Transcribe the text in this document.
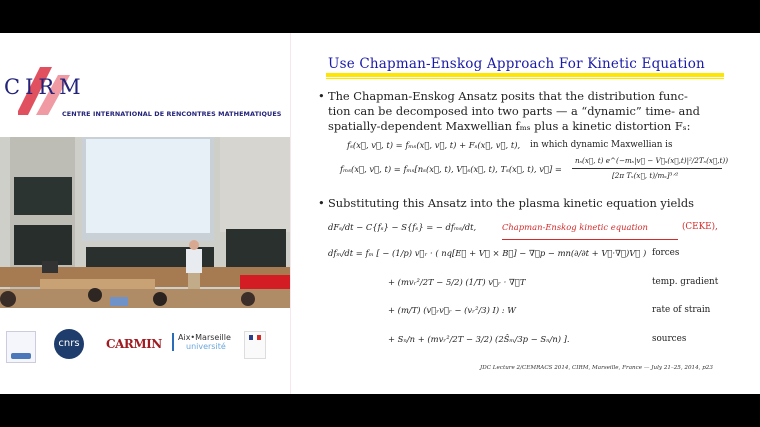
CIRM
CENTRE INTERNATIONAL DE RENCONTRES MATHEMATIQUES
cnrs	CARMIN Aix•Marseille
université
Use Chapman-Enskog Approach For Kinetic Equation
• The Chapman-Enskog Ansatz posits that the distribution func-
tion can be decomposed into two parts — a “dynamic” time- and
spatially-dependent Maxwellian fₘₛ plus a kinetic distortion Fₛ:
fₛ(x⃗, v⃗, t) = fₘₛ(x⃗, v⃗, t) + Fₛ(x⃗, v⃗, t), in which dynamic Maxwellian is
fₘₛ(x⃗, v⃗, t) = fₘₛ[nₛ(x⃗, t), V⃗ₛ(x⃗, t), Tₛ(x⃗, t), v⃗] =
nₛ(x⃗, t) e^(−mₛ|v⃗ − V⃗ₛ(x⃗,t)|²/2Tₛ(x⃗,t))
[2π Tₛ(x⃗, t)/mₛ]³ᐟ²
• Substituting this Ansatz into the plasma kinetic equation yields
dFₛ/dt − C{fₛ} − S{fₛ} = − dfₘₛ/dt,	Chapman-Enskog kinetic equation	(CEKE),
dfₘ/dt = fₘ [ − (1/p) v⃗ᵣ · ( nq[E⃗ + V⃗ × B⃗] − ∇⃗p − mn(∂/∂t + V⃗·∇⃗)V⃗ ) forces
+ (mvᵣ²/2T − 5/2) (1/T) v⃗ᵣ · ∇⃗T	temp. gradient
+ (m/T) (v⃗ᵣv⃗ᵣ − (vᵣ²/3) I) : W	rate of strain
+ Sₙ/n + (mvᵣ²/2T − 3/2) (2Ŝₘ/3p − Sₙ/n) ].	sources
JDC Lecture 2/CEMRACS 2014, CIRM, Marseille, France — July 21–25, 2014, p23
